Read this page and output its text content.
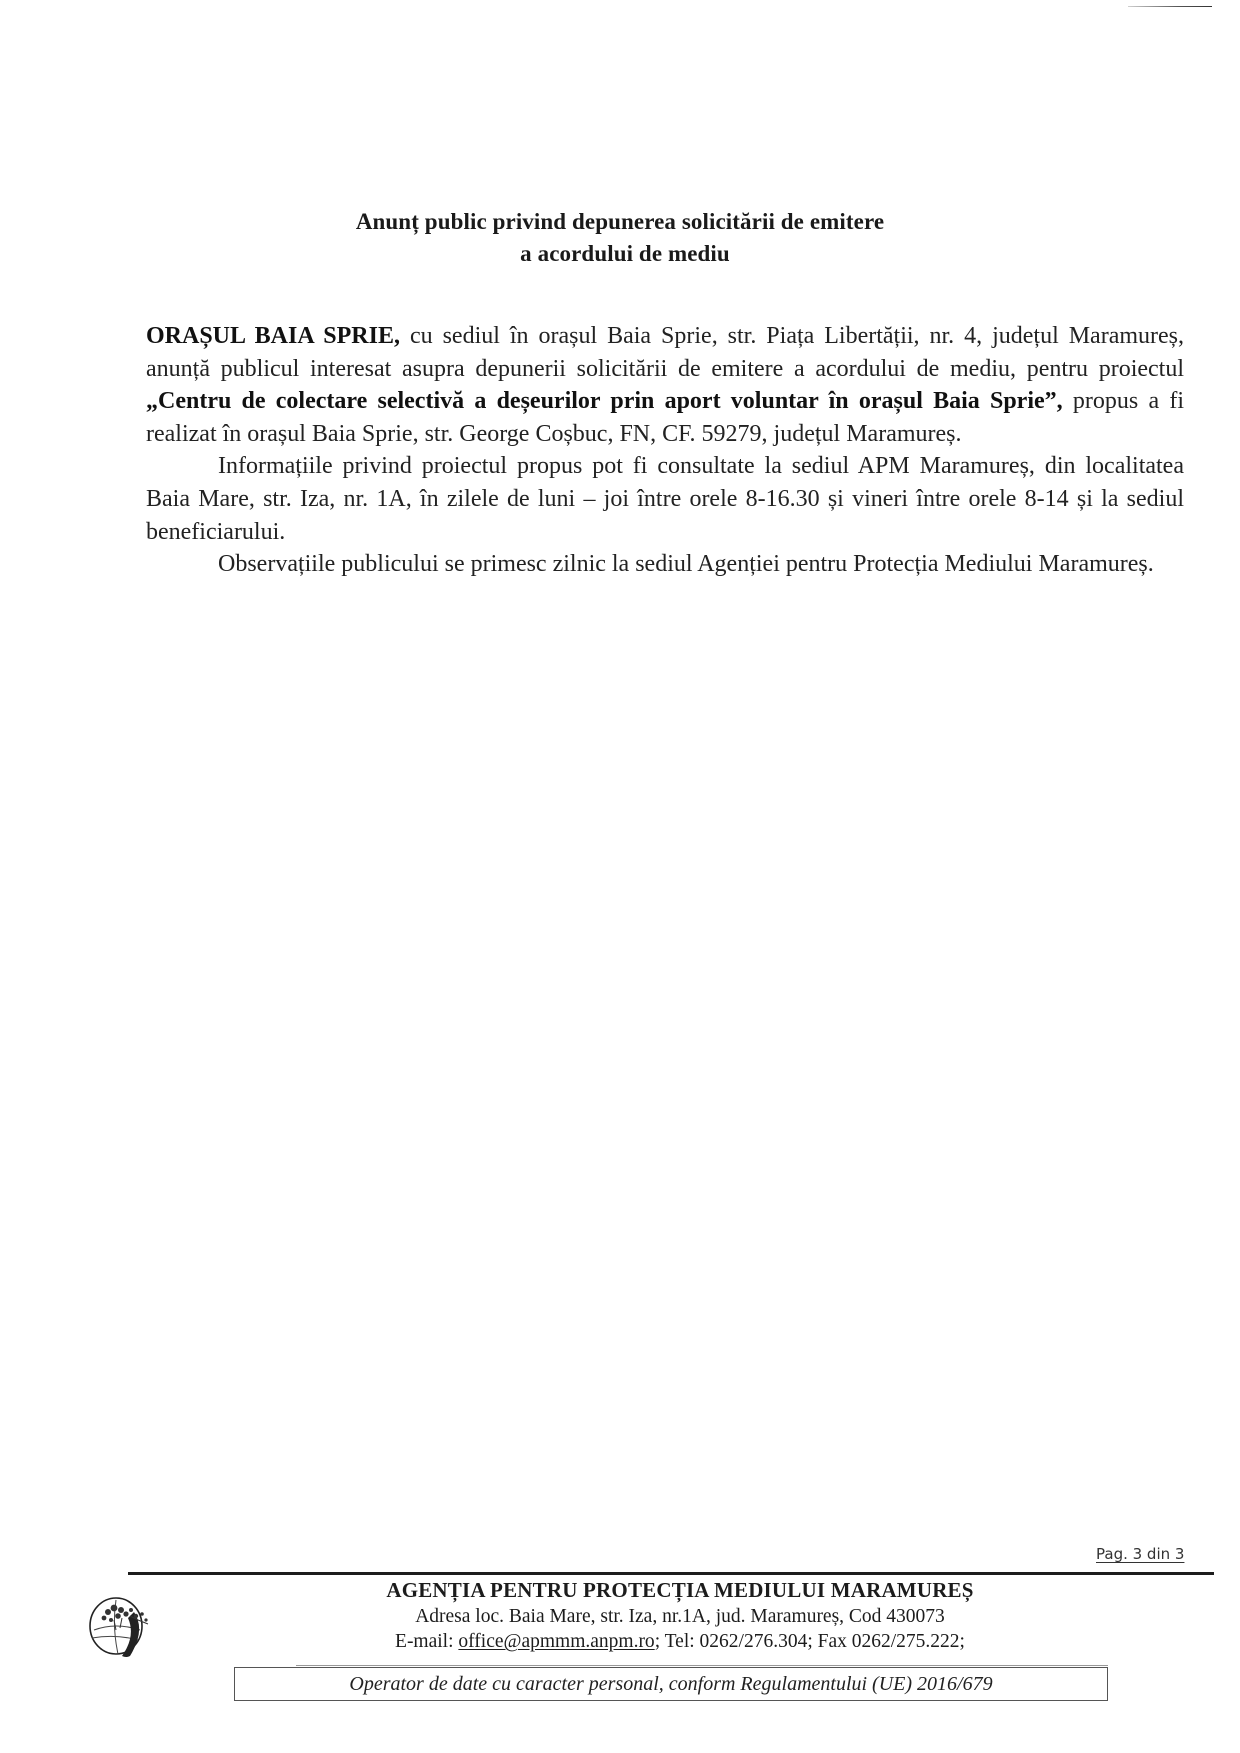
Anunț public privind depunerea solicitării de emitere
a acordului de mediu

ORAȘUL BAIA SPRIE, cu sediul în orașul Baia Sprie, str. Piața Libertății, nr. 4, județul Maramureș, anunță publicul interesat asupra depunerii solicitării de emitere a acordului de mediu, pentru proiectul „Centru de colectare selectivă a deșeurilor prin aport voluntar în orașul Baia Sprie”, propus a fi realizat în orașul Baia Sprie, str. George Coșbuc, FN, CF. 59279, județul Maramureș.

Informațiile privind proiectul propus pot fi consultate la sediul APM Maramureș, din localitatea Baia Mare, str. Iza, nr. 1A, în zilele de luni – joi între orele 8-16.30 și vineri între orele 8-14 și la sediul beneficiarului.

Observațiile publicului se primesc zilnic la sediul Agenției pentru Protecția Mediului Maramureș.

Pag. 3 din 3
AGENȚIA PENTRU PROTECȚIA MEDIULUI MARAMUREȘ
Adresa loc. Baia Mare, str. Iza, nr.1A, jud. Maramureș, Cod 430073
E-mail: office@apmmm.anpm.ro; Tel: 0262/276.304; Fax 0262/275.222;
Operator de date cu caracter personal, conform Regulamentului (UE) 2016/679
